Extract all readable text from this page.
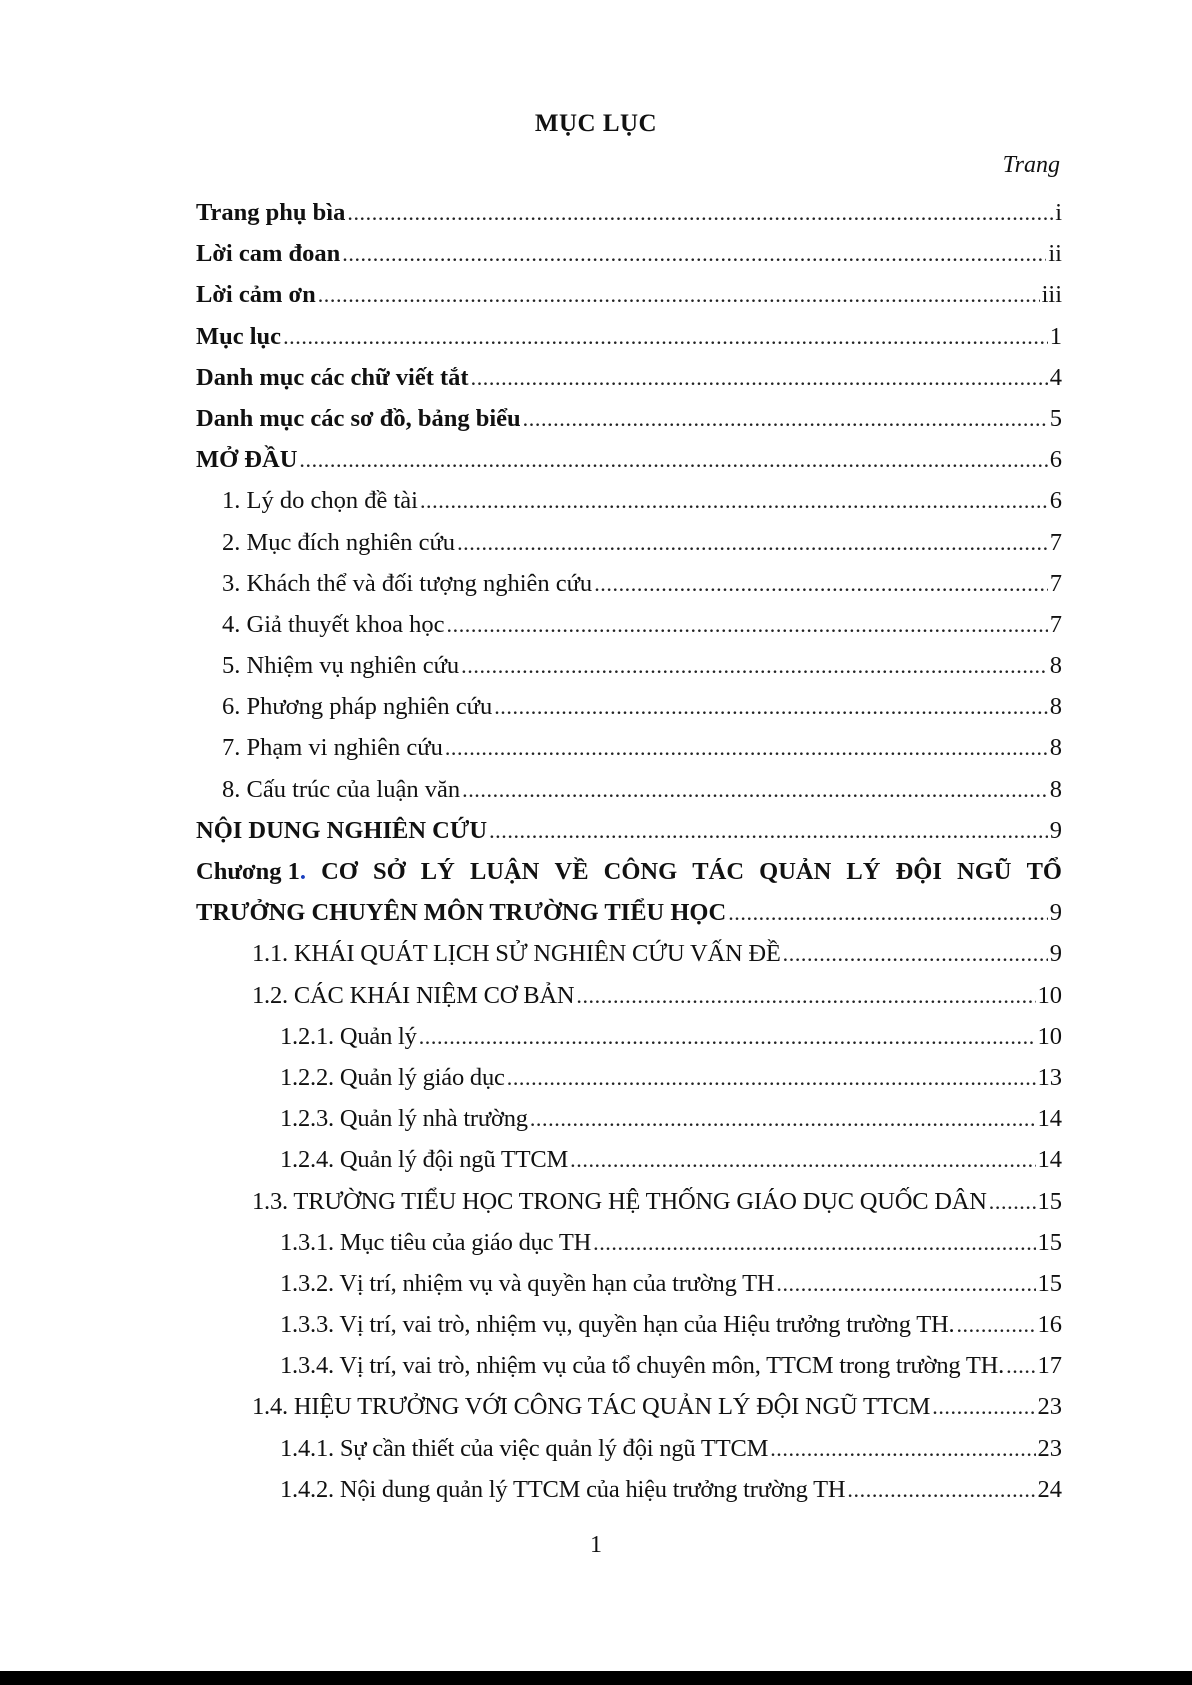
MỤC LỤC
Trang
Trang phụ bìa .....	i
Lời cam đoan .....	ii
Lời cảm ơn .....	iii
Mục lục .....	1
Danh mục các chữ viết tắt .....	4
Danh mục các sơ đồ, bảng biểu .....	5
MỞ ĐẦU .....	6
1. Lý do chọn đề tài .....	6
2. Mục đích nghiên cứu .....	7
3. Khách thể và đối tượng nghiên cứu .....	7
4. Giả thuyết khoa học .....	7
5. Nhiệm vụ nghiên cứu .....	8
6. Phương pháp nghiên cứu .....	8
7. Phạm vi nghiên cứu .....	8
8. Cấu trúc của luận văn .....	8
NỘI DUNG NGHIÊN CỨU .....	9
Chương 1. CƠ SỞ LÝ LUẬN VỀ CÔNG TÁC QUẢN LÝ ĐỘI NGŨ TỔ
TRƯỞNG CHUYÊN MÔN TRƯỜNG TIỂU HỌC .....	9
1.1. KHÁI QUÁT LỊCH SỬ NGHIÊN CỨU VẤN ĐỀ .....	9
1.2. CÁC KHÁI NIỆM CƠ BẢN .....	10
1.2.1. Quản lý .....	10
1.2.2. Quản lý giáo dục .....	13
1.2.3. Quản lý nhà trường .....	14
1.2.4. Quản lý đội ngũ TTCM .....	14
1.3. TRƯỜNG TIỂU HỌC TRONG HỆ THỐNG GIÁO DỤC QUỐC DÂN ..... 15
1.3.1. Mục tiêu của giáo dục TH .....	15
1.3.2. Vị trí, nhiệm vụ và quyền hạn của trường TH .....	15
1.3.3. Vị trí, vai trò, nhiệm vụ, quyền hạn của Hiệu trưởng trường TH. .....	16
1.3.4. Vị trí, vai trò, nhiệm vụ của tổ chuyên môn, TTCM trong trường TH. ..... 17
1.4. HIỆU TRƯỞNG VỚI CÔNG TÁC QUẢN LÝ ĐỘI NGŨ TTCM .....	23
1.4.1. Sự cần thiết của việc quản lý đội ngũ TTCM .....	23
1.4.2. Nội dung quản lý TTCM của hiệu trưởng trường TH .....	24
1
